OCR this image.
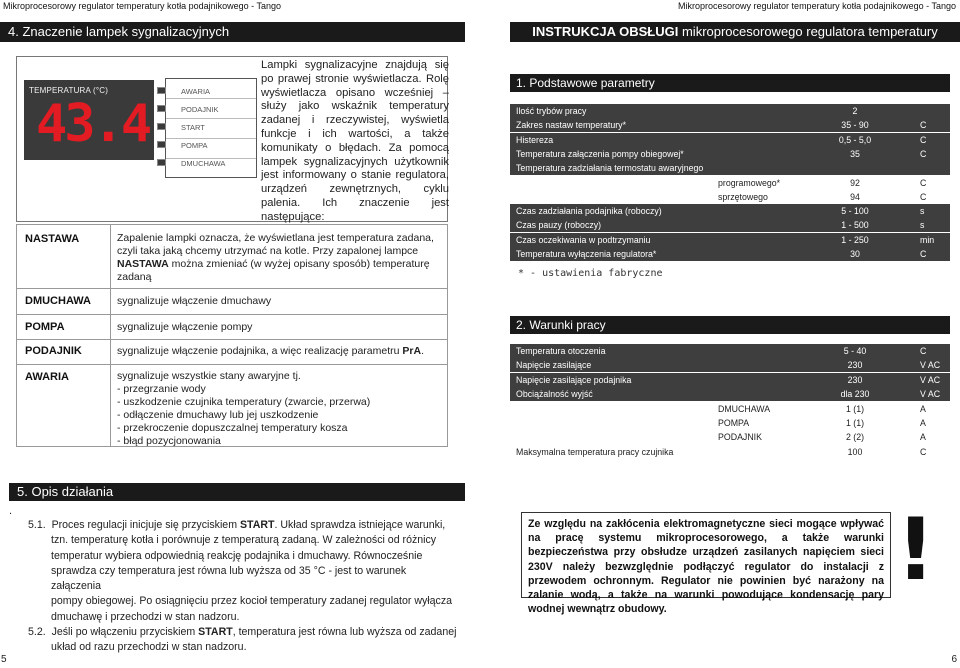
Mikroprocesorowy regulator temperatury kotła podajnikowego - Tango	Mikroprocesorowy regulator temperatury kotła podajnikowego - Tango
4. Znaczenie lampek sygnalizacyjnych	INSTRUKCJA OBSŁUGI mikroprocesorowego regulatora temperatury
TEMPERATURA (°C)
43.4
AWARIA
PODAJNIK
START
POMPA
DMUCHAWA
Lampki sygnalizacyjne znajdują się po prawej stronie wyświetlacza. Rolę wyświetlacza opisano wcześniej – służy jako wskaźnik temperatury zadanej i rzeczywistej, wyświetla funkcje i ich wartości, a także komunikaty o błędach. Za pomocą lampek sygnalizacyjnych użytkownik jest informowany o stanie regulatora, urządzeń zewnętrznych, cyklu palenia. Ich znaczenie jest następujące:
NASTAWA	Zapalenie lampki oznacza, że wyświetlana jest temperatura zadana,
czyli taka jaką chcemy utrzymać na kotle. Przy zapalonej lampce
NASTAWA można zmieniać (w wyżej opisany sposób) temperaturę
zadaną
DMUCHAWA sygnalizuje włączenie dmuchawy
POMPA	sygnalizuje włączenie pompy
PODAJNIK	sygnalizuje włączenie podajnika, a więc realizację parametru PrA.
AWARIA	sygnalizuje wszystkie stany awaryjne tj.
- przegrzanie wody
- uszkodzenie czujnika temperatury (zwarcie, przerwa)
- odłączenie dmuchawy lub jej uszkodzenie
- przekroczenie dopuszczalnej temperatury kosza
- błąd pozycjonowania
1. Podstawowe parametry
Ilość trybów pracy	2
Zakres nastaw temperatury*	35 - 90	C
Histereza	0,5 - 5,0	C
Temperatura załączenia pompy obiegowej*	35	C
Temperatura zadziałania termostatu awaryjnego
programowego*	92	C
sprzętowego	94	C
Czas zadziałania podajnika (roboczy)	5 - 100	s
Czas pauzy (roboczy)	1 - 500	s
Czas oczekiwania w podtrzymaniu	1 - 250	min
Temperatura wyłączenia regulatora*	30	C
* - ustawienia fabryczne
2. Warunki pracy
Temperatura otoczenia	5 - 40	C
Napięcie zasilające	230	V AC
Napięcie zasilające podajnika	230	V AC
Obciążalność wyjść	dla 230	V AC
DMUCHAWA	1 (1)	A
POMPA	1 (1)	A
PODAJNIK	2 (2)	A
Maksymalna temperatura pracy czujnika	100	C
5. Opis działania
.
5.1. Proces regulacji inicjuje się przyciskiem START. Układ sprawdza istniejące warunki,
tzn. temperaturę kotła i porównuje z temperaturą zadaną. W zależności od różnicy
temperatur wybiera odpowiednią reakcję podajnika i dmuchawy. Równocześnie
sprawdza czy temperatura jest równa lub wyższa od 35 °C - jest to warunek załączenia
pompy obiegowej. Po osiągnięciu przez kocioł temperatury zadanej regulator wyłącza
dmuchawę i przechodzi w stan nadzoru.
5.2. Jeśli po włączeniu przyciskiem START, temperatura jest równa lub wyższa od zadanej
układ od razu przechodzi w stan nadzoru.
Ze względu na zakłócenia elektromagnetyczne sieci mogące wpływać na pracę systemu mikroprocesorowego, a także warunki bezpieczeństwa przy obsłudze urządzeń zasilanych napięciem sieci 230V należy bezwzględnie podłączyć regulator do instalacji z przewodem ochronnym. Regulator nie powinien być narażony na zalanie wodą, a także na warunki powodujące kondensację pary wodnej wewnątrz obudowy.
!
5	6
